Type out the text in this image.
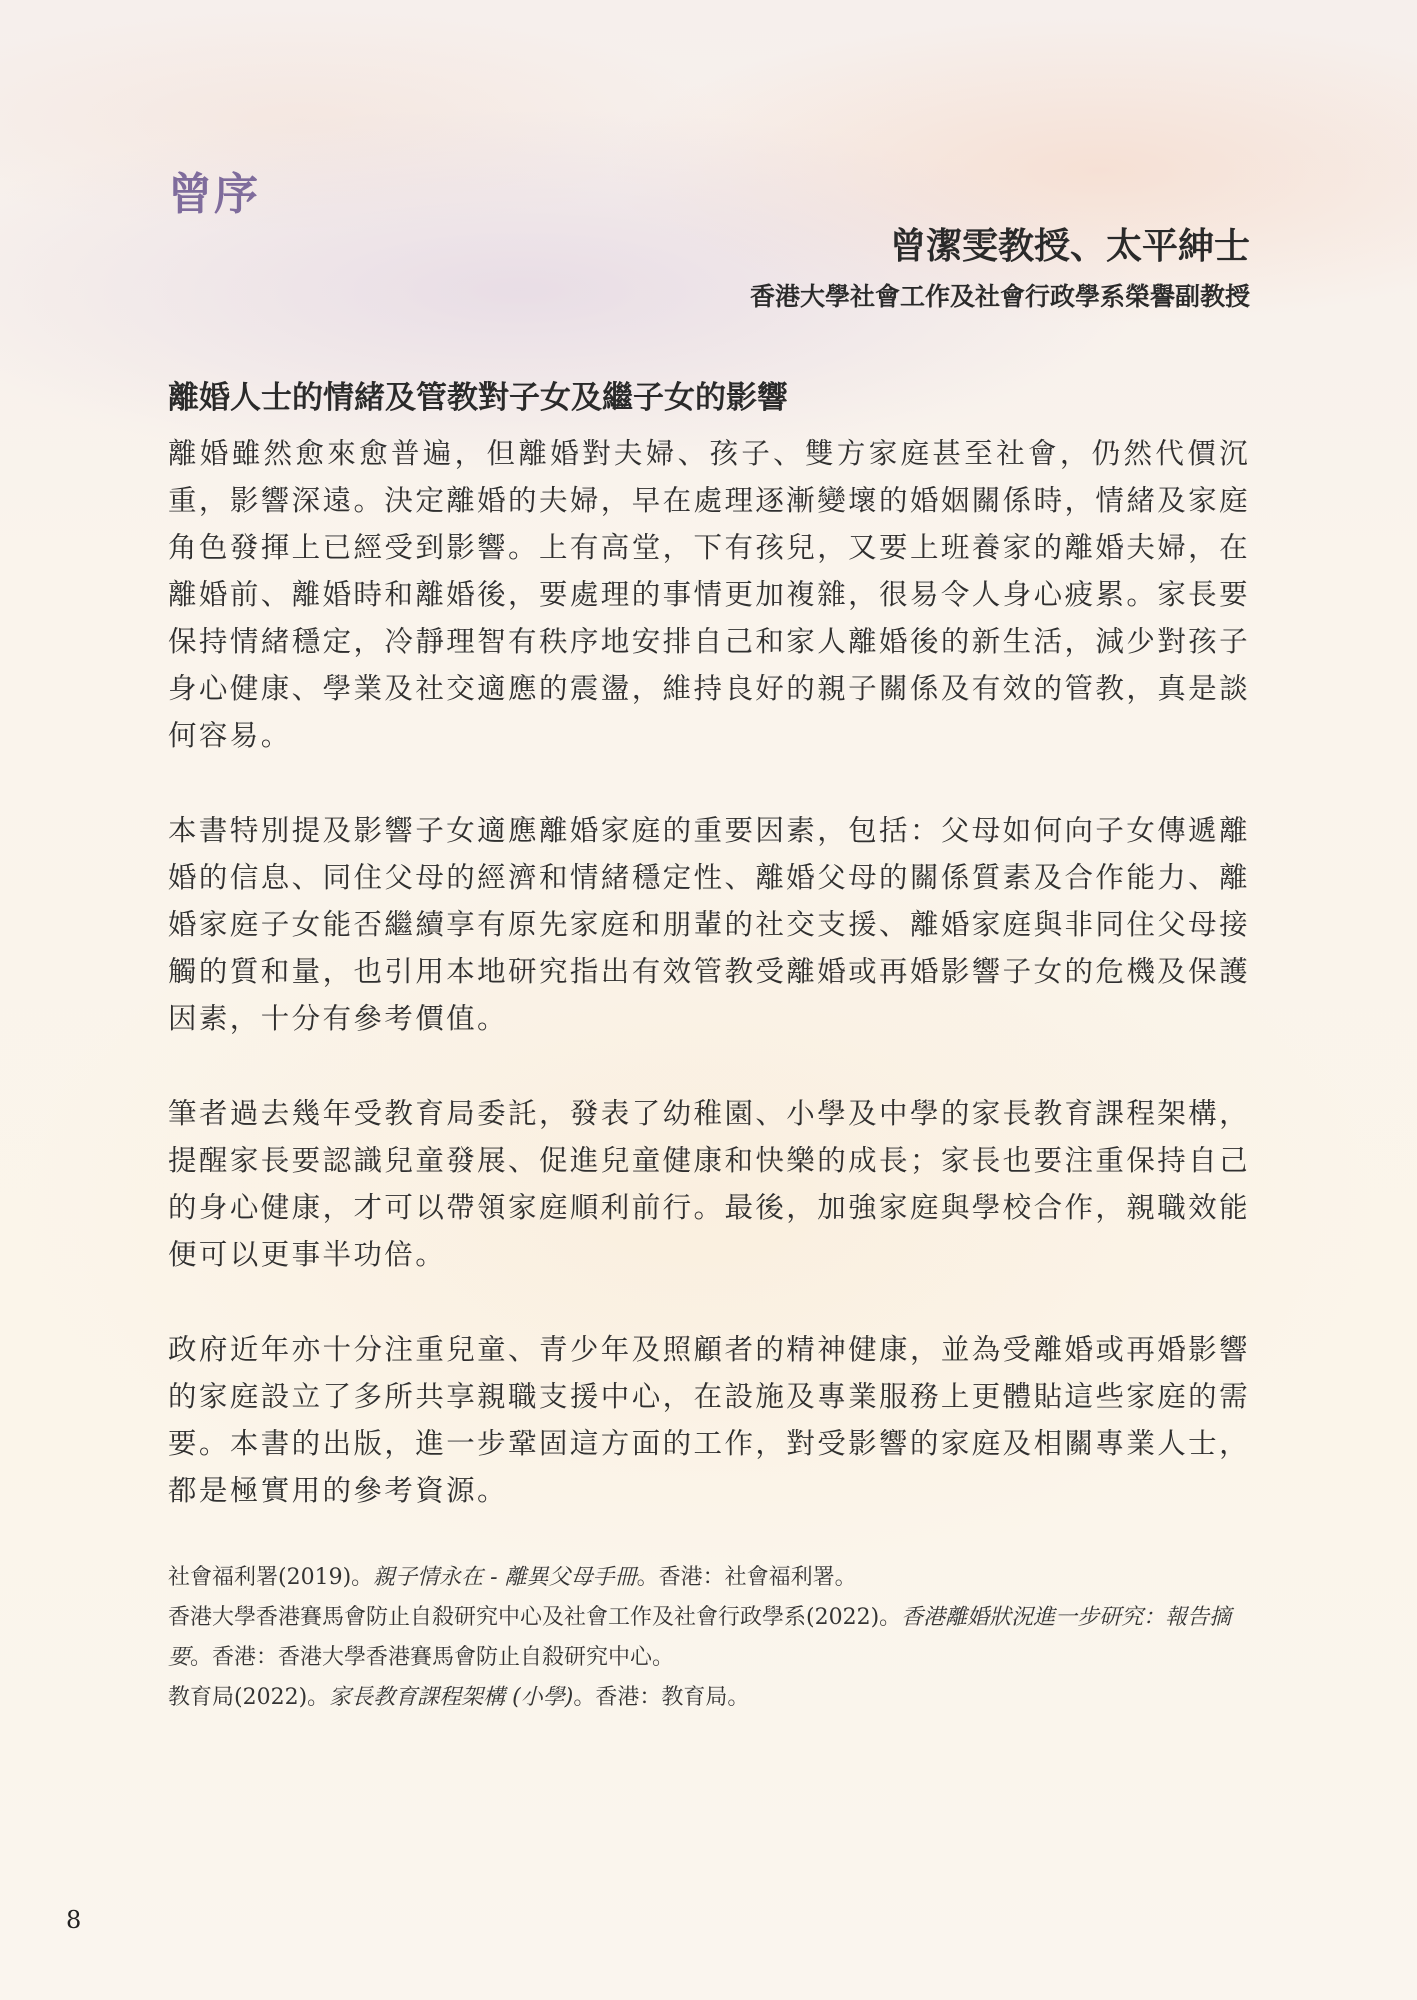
曾序
曾潔雯教授、太平紳士
香港大學社會工作及社會行政學系榮譽副教授
離婚人士的情緒及管教對子女及繼子女的影響

離婚雖然愈來愈普遍，但離婚對夫婦、孩子、雙方家庭甚至社會，仍然代價沉重，影響深遠。決定離婚的夫婦，早在處理逐漸變壞的婚姻關係時，情緒及家庭角色發揮上已經受到影響。上有高堂，下有孩兒，又要上班養家的離婚夫婦，在離婚前、離婚時和離婚後，要處理的事情更加複雜，很易令人身心疲累。家長要保持情緒穩定，冷靜理智有秩序地安排自己和家人離婚後的新生活，減少對孩子身心健康、學業及社交適應的震盪，維持良好的親子關係及有效的管教，真是談何容易。

本書特別提及影響子女適應離婚家庭的重要因素，包括：父母如何向子女傳遞離婚的信息、同住父母的經濟和情緒穩定性、離婚父母的關係質素及合作能力、離婚家庭子女能否繼續享有原先家庭和朋輩的社交支援、離婚家庭與非同住父母接觸的質和量，也引用本地研究指出有效管教受離婚或再婚影響子女的危機及保護因素，十分有參考價值。

筆者過去幾年受教育局委託，發表了幼稚園、小學及中學的家長教育課程架構，提醒家長要認識兒童發展、促進兒童健康和快樂的成長；家長也要注重保持自己的身心健康，才可以帶領家庭順利前行。最後，加強家庭與學校合作，親職效能便可以更事半功倍。

政府近年亦十分注重兒童、青少年及照顧者的精神健康，並為受離婚或再婚影響的家庭設立了多所共享親職支援中心，在設施及專業服務上更體貼這些家庭的需要。本書的出版，進一步鞏固這方面的工作，對受影響的家庭及相關專業人士，都是極實用的參考資源。

社會福利署(2019)。親子情永在 - 離異父母手冊。香港：社會福利署。
香港大學香港賽馬會防止自殺研究中心及社會工作及社會行政學系(2022)。香港離婚狀況進一步研究：報告摘要。香港：香港大學香港賽馬會防止自殺研究中心。
教育局(2022)。家長教育課程架構 (小學)。香港：教育局。
8
